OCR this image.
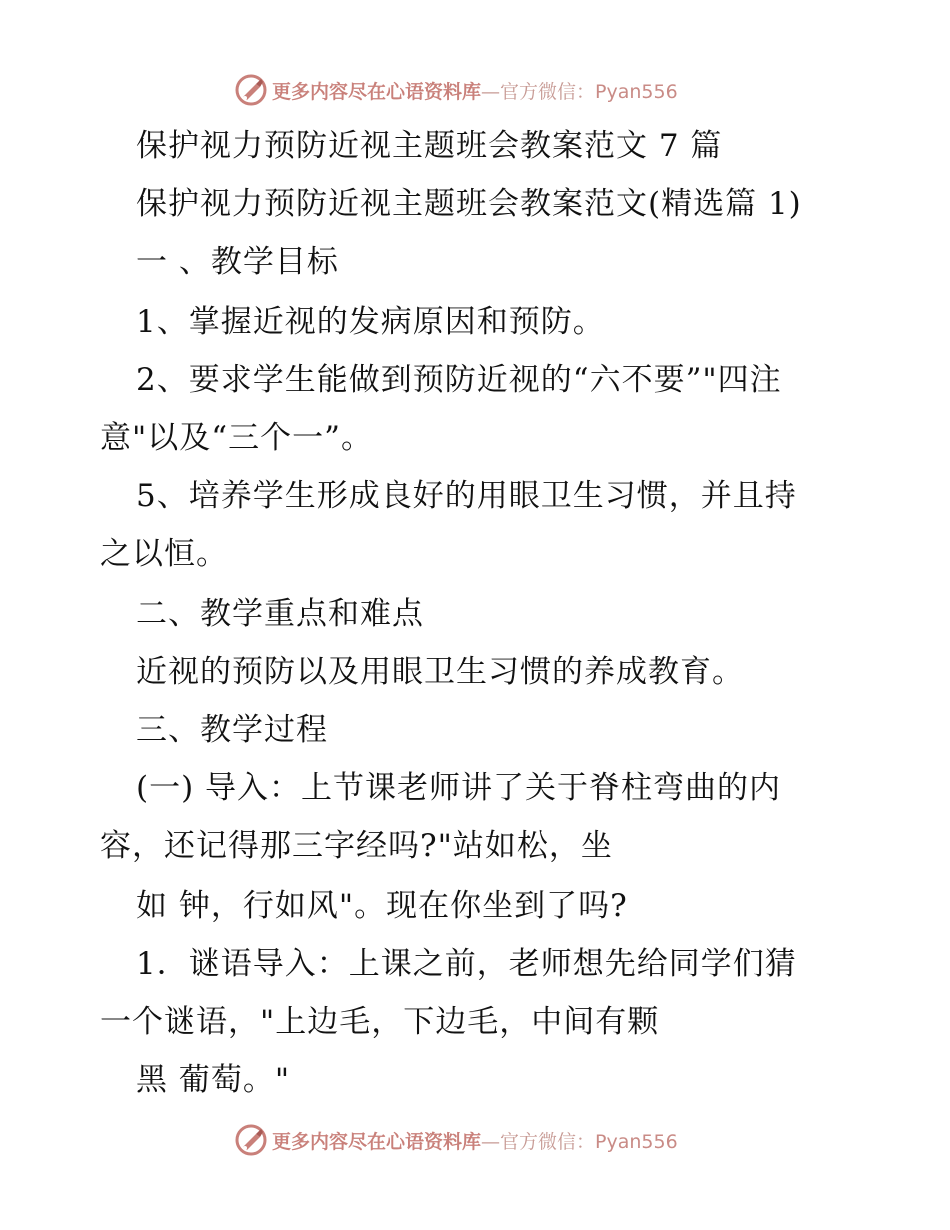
更多内容尽在心语资料库—官方微信：Pyan556
保护视力预防近视主题班会教案范文 7 篇
保护视力预防近视主题班会教案范文(精选篇 1)
一 、教学目标
1、掌握近视的发病原因和预防。
2、要求学生能做到预防近视的“六不要”"四注
意"以及“三个一”。
5、培养学生形成良好的用眼卫生习惯，并且持
之以恒。
二、教学重点和难点
近视的预防以及用眼卫生习惯的养成教育。
三、教学过程
(一) 导入：上节课老师讲了关于脊柱弯曲的内
容，还记得那三字经吗?"站如松，坐
如 钟，行如风"。现在你坐到了吗?
1．谜语导入：上课之前，老师想先给同学们猜
一个谜语，"上边毛，下边毛，中间有颗
黑 葡萄。"
更多内容尽在心语资料库—官方微信：Pyan556
